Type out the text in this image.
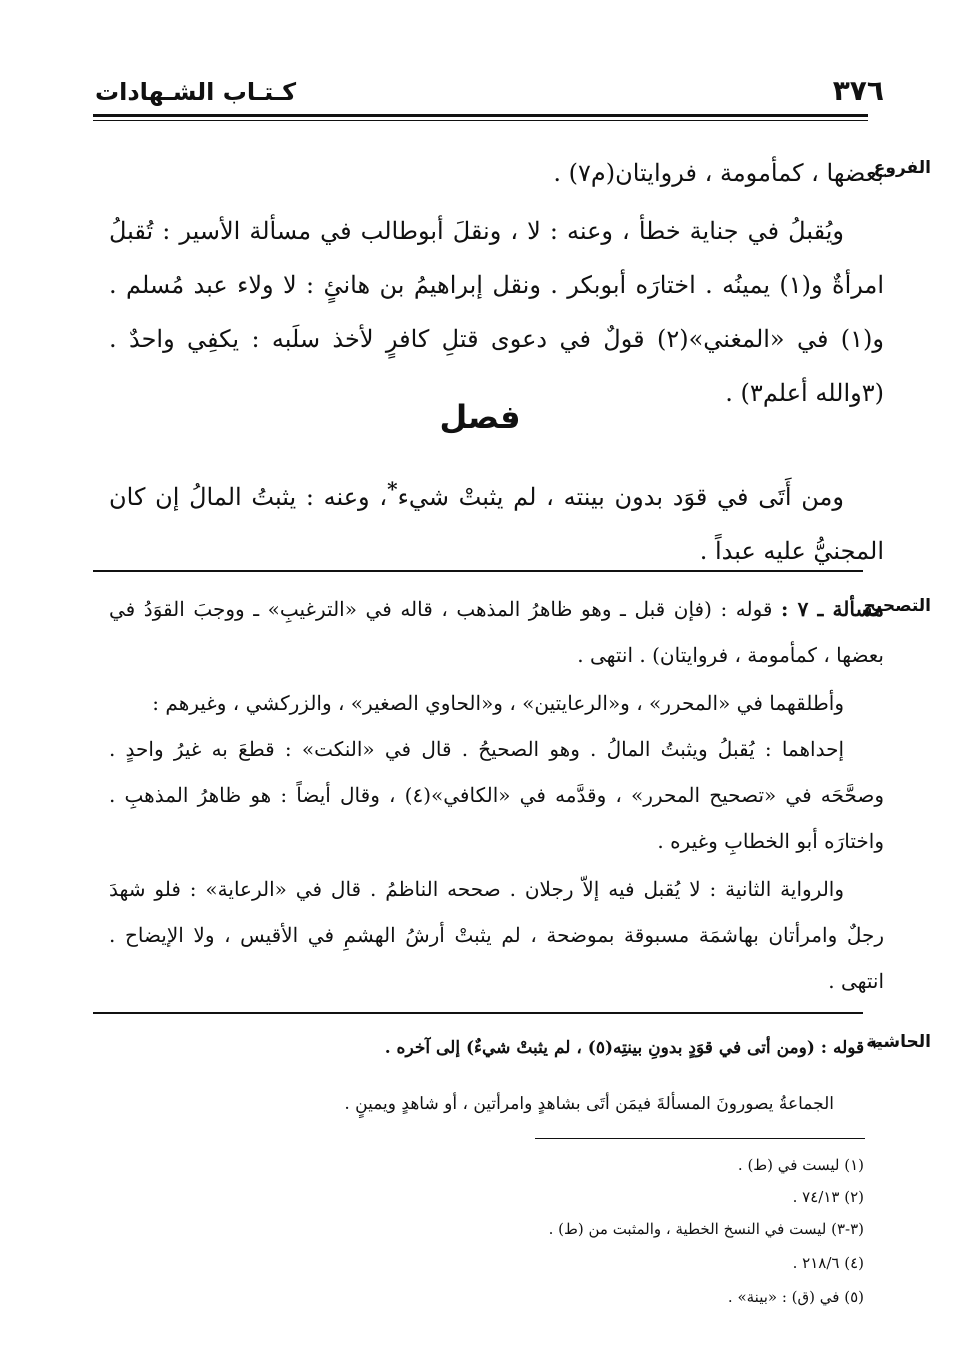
٣٧٦
كـتـاب الشـهادات
الفروع
بعضها ، كمأمومة ، فروايتان(م٧) .
ويُقبلُ في جناية خطأ ، وعنه : لا ، ونقلَ أبوطالب في مسألة الأسير : تُقبلُ امرأةٌ و(١) يمينُه . اختارَه أبوبكر . ونقل إبراهيمُ بن هانئٍ : لا ولاء عبد مُسلم . و(١) في «المغني»(٢) قولٌ في دعوى قتلِ كافرٍ لأخذ سلَبه : يكفِي واحدٌ . (٣والله أعلم٣) .
فصل
ومن أَتَى في قوَد بدون بينته ، لم يثبتْ شيء*، وعنه : يثبتُ المالُ إن كان المجنيُّ عليه عبداً .
التصحيح
مسألة ـ ٧ : قوله : (فإن قبل ـ وهو ظاهرُ المذهب ، قاله في «الترغيبِ» ـ ووجبَ القوَدُ في بعضها ، كمأمومة ، فروايتان) . انتهى .
وأطلقهما في «المحرر» ، و«الرعايتين» ، و«الحاوي الصغير» ، والزركشي ، وغيرهم :
إحداهما : يُقبلُ ويثبتُ المالُ . وهو الصحيحُ . قال في «النكت» : قطعَ به غيرُ واحدٍ . وصحَّحَه في «تصحيح المحرر» ، وقدَّمه في «الكافي»(٤) ، وقال أيضاً : هو ظاهرُ المذهبِ . واختارَه أبو الخطابِ وغيره .
والرواية الثانية : لا يُقبل فيه إلاّ رجلان . صححه الناظمُ . قال في «الرعاية» : فلو شهدَ رجلٌ وامرأتان بهاشمَة مسبوقة بموضحة ، لم يثبتْ أرشُ الهشمِ في الأقيس ، ولا الإيضاح . انتهى .
الحاشية
* قوله : (ومن أتى في قوَدٍ بدونِ بينتِه(٥) ، لم يثبتْ شيءٌ) إلى آخره .
الجماعةُ يصورونَ المسألةَ فيمَن أتَى بشاهدٍ وامرأتين ، أو شاهدٍ ويمينٍ .
(١) ليست في (ط) .
(٢) ٧٤/١٣ .
(٣-٣) ليست في النسخ الخطية ، والمثبت من (ط) .
(٤) ٢١٨/٦ .
(٥) في (ق) : «بينة» .
